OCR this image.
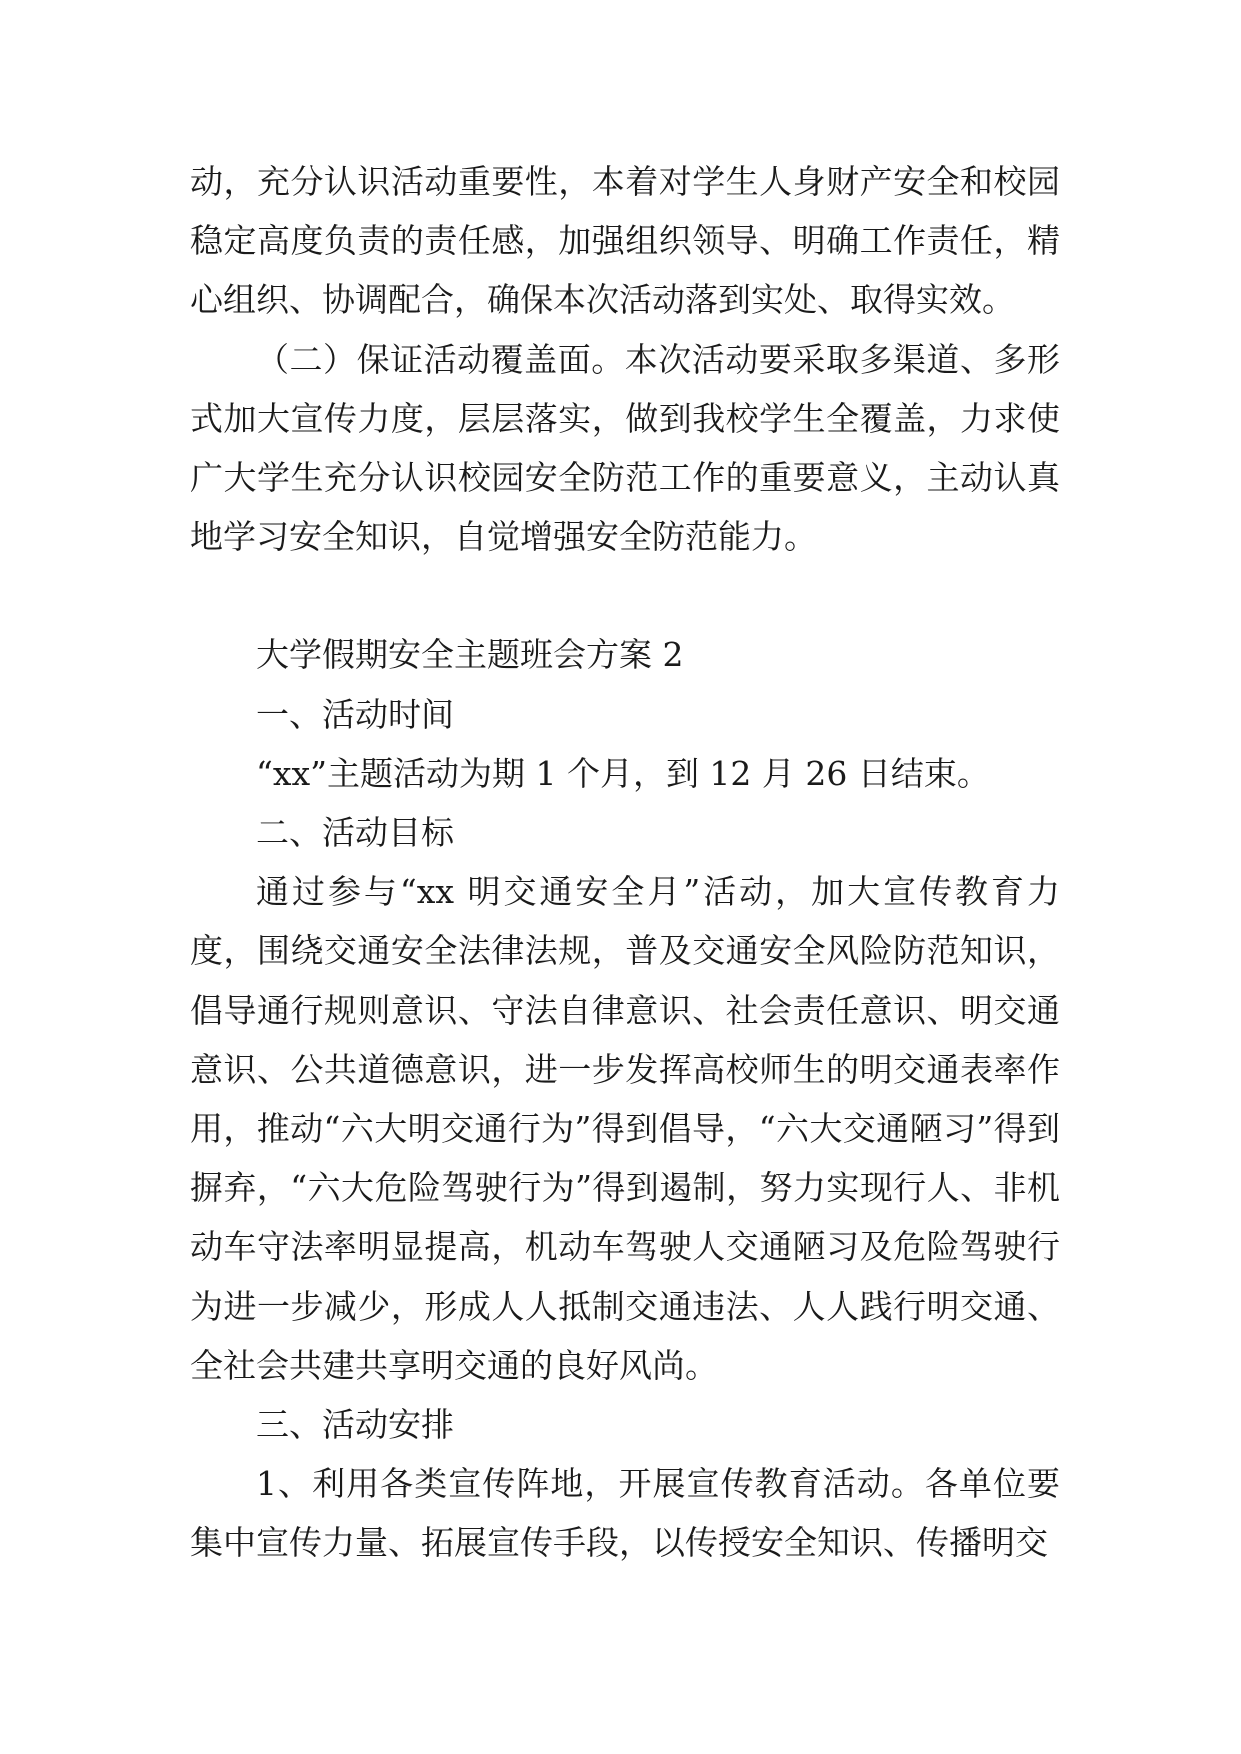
动，充分认识活动重要性，本着对学生人身财产安全和校园稳定高度负责的责任感，加强组织领导、明确工作责任，精心组织、协调配合，确保本次活动落到实处、取得实效。

（二）保证活动覆盖面。本次活动要采取多渠道、多形式加大宣传力度，层层落实，做到我校学生全覆盖，力求使广大学生充分认识校园安全防范工作的重要意义，主动认真地学习安全知识，自觉增强安全防范能力。

大学假期安全主题班会方案 2

一、活动时间

“xx”主题活动为期 1 个月，到 12 月 26 日结束。

二、活动目标

通过参与“xx 明交通安全月”活动，加大宣传教育力度，围绕交通安全法律法规，普及交通安全风险防范知识，倡导通行规则意识、守法自律意识、社会责任意识、明交通意识、公共道德意识，进一步发挥高校师生的明交通表率作用，推动“六大明交通行为”得到倡导，“六大交通陋习”得到摒弃，“六大危险驾驶行为”得到遏制，努力实现行人、非机动车守法率明显提高，机动车驾驶人交通陋习及危险驾驶行为进一步减少，形成人人抵制交通违法、人人践行明交通、全社会共建共享明交通的良好风尚。

三、活动安排

1、利用各类宣传阵地，开展宣传教育活动。各单位要集中宣传力量、拓展宣传手段，以传授安全知识、传播明交
